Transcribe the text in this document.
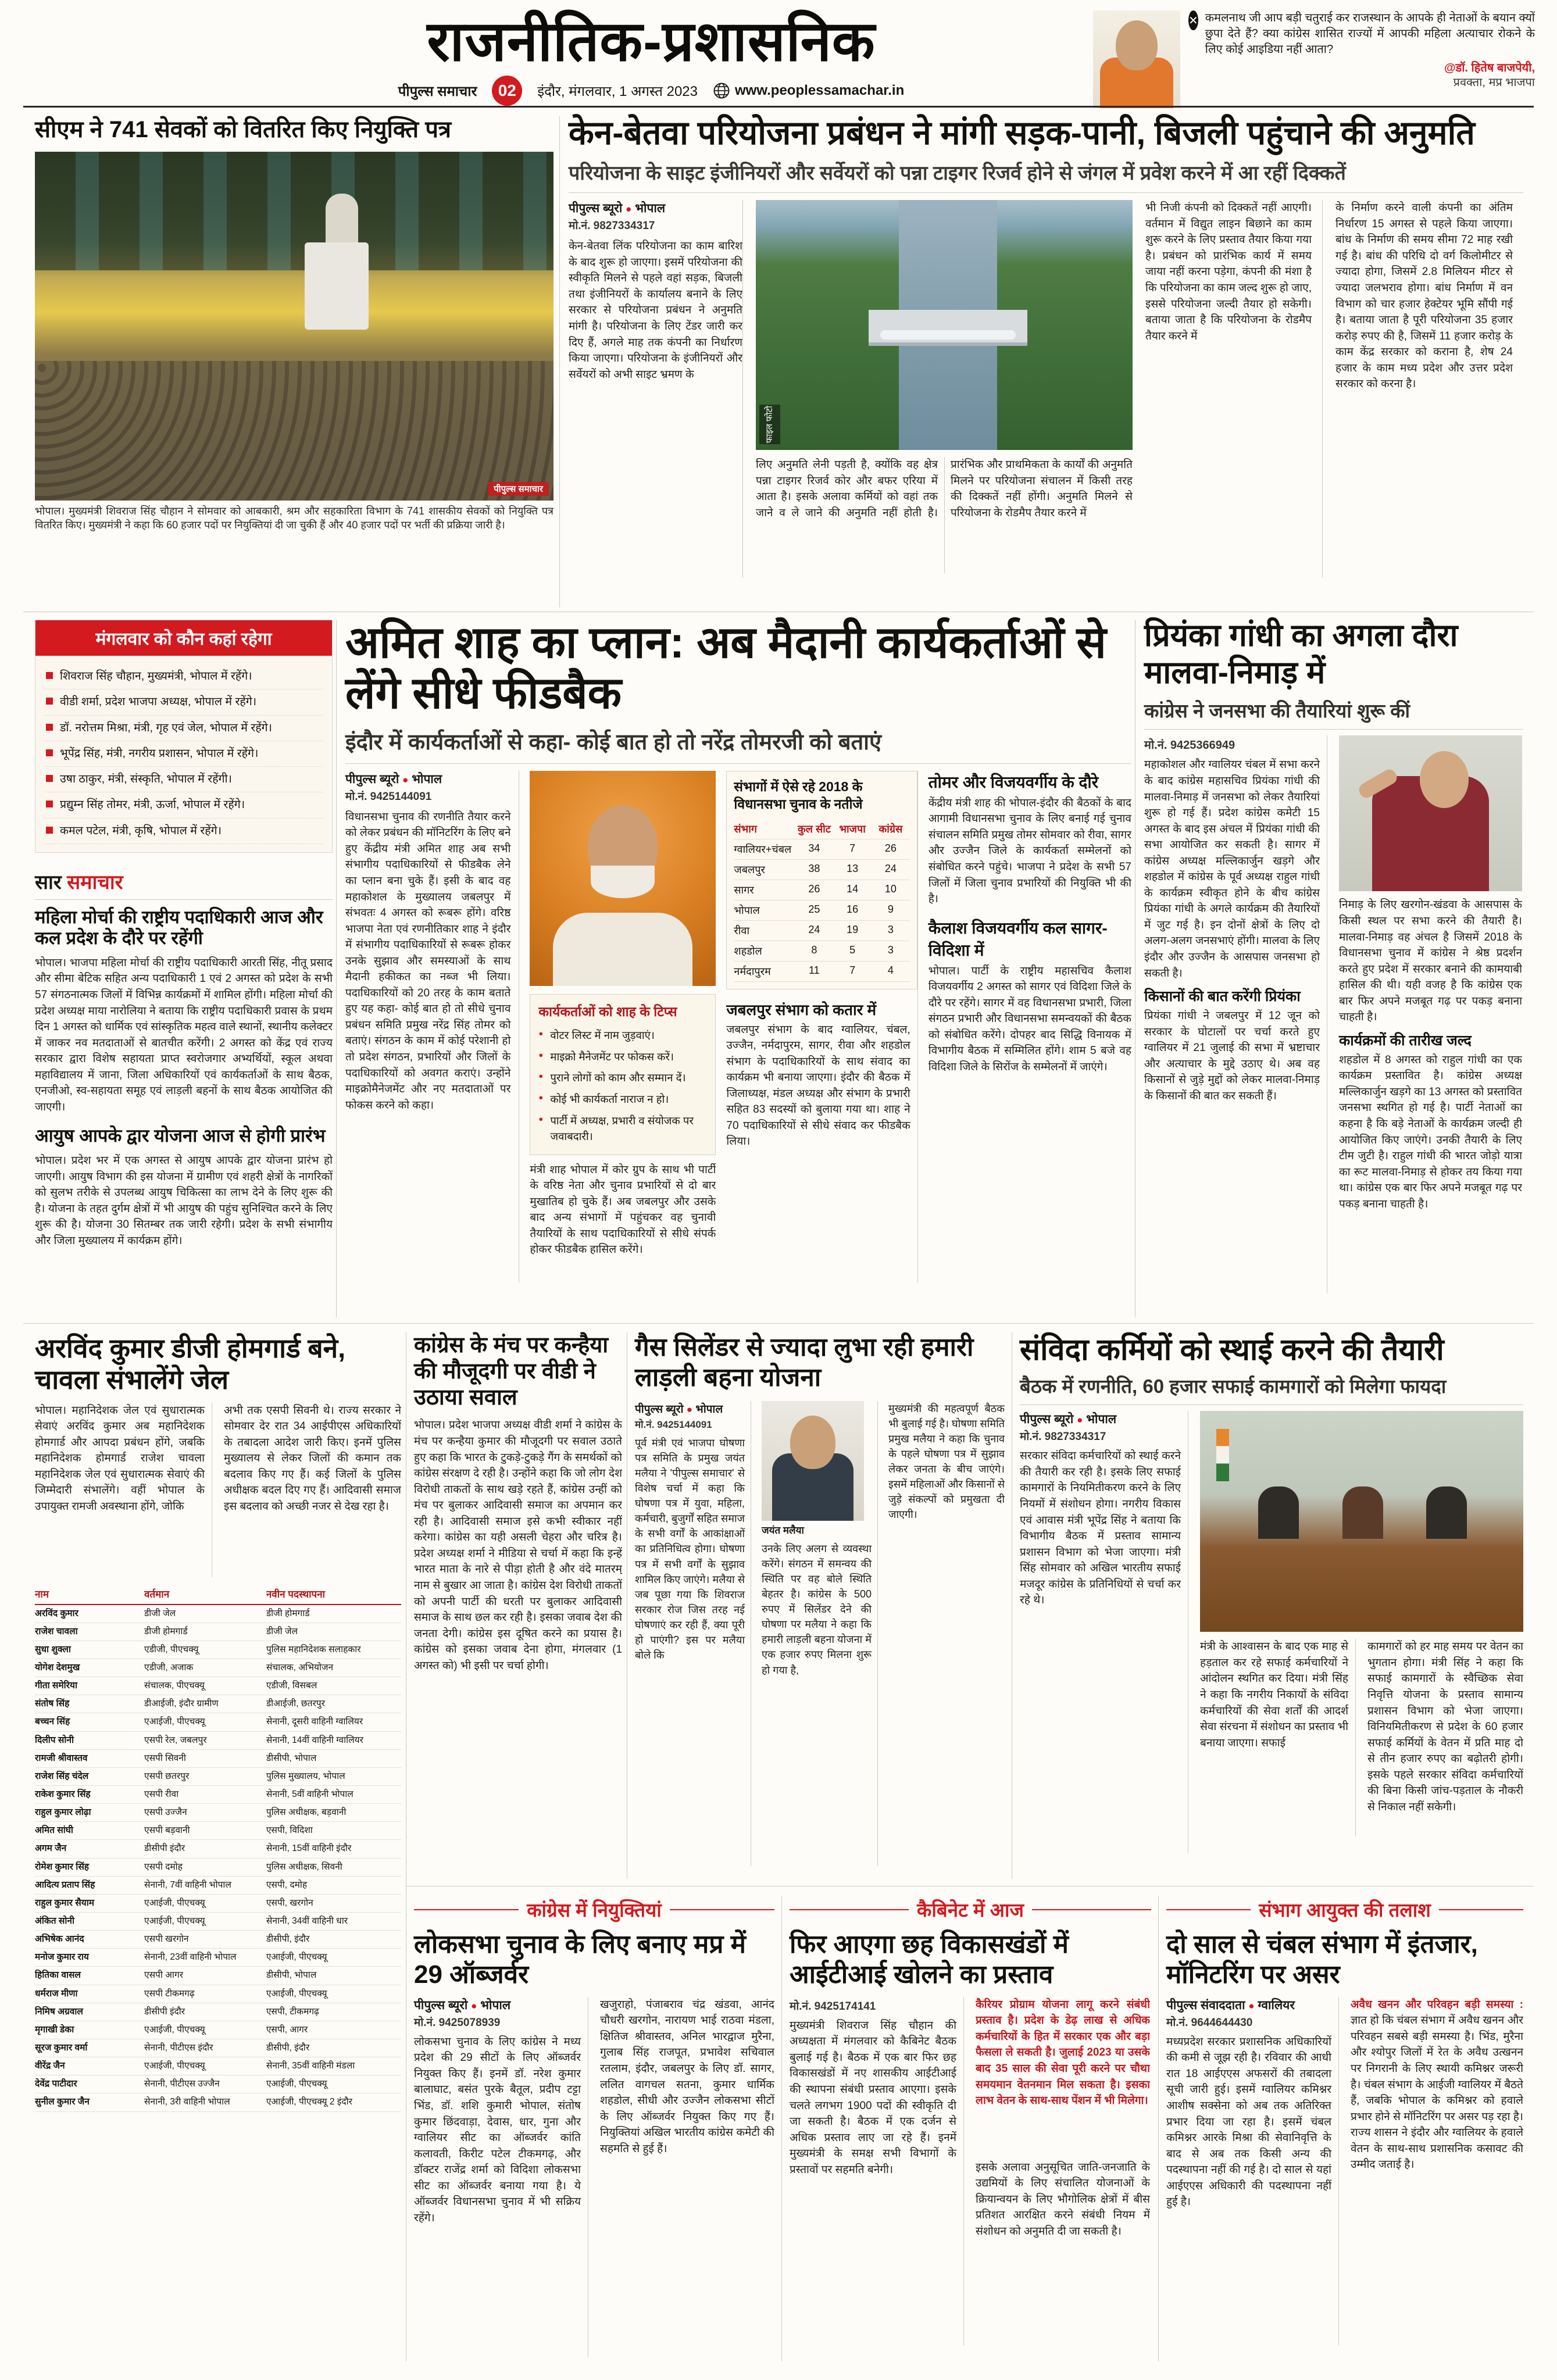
राजनीतिक-प्रशासनिक
पीपुल्स समाचार	02	इंदौर, मंगलवार, 1 अगस्त 2023	www.peoplessamachar.in
✕ कमलनाथ जी आप बड़ी चतुराई कर राजस्थान के आपके ही नेताओं के बयान क्यों छुपा देते हैं? क्या कांग्रेस शासित राज्यों में आपकी महिला अत्याचार रोकने के लिए कोई आइडिया नहीं आता?
@डॉ. हितेष बाजपेयी,
प्रवक्ता, मप्र भाजपा
सीएम ने 741 सेवकों को वितरित किए नियुक्ति पत्र
पीपुल्स समाचार
भोपाल। मुख्यमंत्री शिवराज सिंह चौहान ने सोमवार को आबकारी, श्रम और सहकारिता विभाग के 741 शासकीय सेवकों को नियुक्ति पत्र वितरित किए। मुख्यमंत्री ने कहा कि 60 हजार पदों पर नियुक्तियां दी जा चुकी हैं और 40 हजार पदों पर भर्ती की प्रक्रिया जारी है।
केन-बेतवा परियोजना प्रबंधन ने मांगी सड़क-पानी, बिजली पहुंचाने की अनुमति
परियोजना के साइट इंजीनियरों और सर्वेयरों को पन्ना टाइगर रिजर्व होने से जंगल में प्रवेश करने में आ रहीं दिक्कतें
पीपुल्स ब्यूरो ● भोपाल
मो.नं. 9827334317
केन-बेतवा लिंक परियोजना का काम बारिश के बाद शुरू हो जाएगा। इसमें परियोजना की स्वीकृति मिलने से पहले वहां सड़क, बिजली तथा इंजीनियरों के कार्यालय बनाने के लिए सरकार से परियोजना प्रबंधन ने अनुमति मांगी है। परियोजना के लिए टेंडर जारी कर दिए हैं, अगले माह तक कंपनी का निर्धारण किया जाएगा। परियोजना के इंजीनियरों और सर्वेयरों को अभी साइट भ्रमण के
फाइल फोटो
लिए अनुमति लेनी पड़ती है, क्योंकि वह क्षेत्र पन्ना टाइगर रिजर्व कोर और बफर एरिया में आता है। इसके अलावा कर्मियों को वहां तक जाने व ले जाने की अनुमति नहीं होती है। प्रारंभिक और प्राथमिकता के कार्यों की अनुमति मिलने पर परियोजना संचालन में किसी तरह की दिक्कतें नहीं होंगी। अनुमति मिलने से परियोजना के रोडमैप तैयार करने में
भी निजी कंपनी को दिक्कतें नहीं आएगी। वर्तमान में विद्युत लाइन बिछाने का काम शुरू करने के लिए प्रस्ताव तैयार किया गया है। प्रबंधन को प्रारंभिक कार्य में समय जाया नहीं करना पड़ेगा, कंपनी की मंशा है कि परियोजना का काम जल्द शुरू हो जाए, इससे परियोजना जल्दी तैयार हो सकेगी। बताया जाता है कि परियोजना के रोडमैप तैयार करने में
के निर्माण करने वाली कंपनी का अंतिम निर्धारण 15 अगस्त से पहले किया जाएगा। बांध के निर्माण की समय सीमा 72 माह रखी गई है। बांध की परिधि दो वर्ग किलोमीटर से ज्यादा होगा, जिसमें 2.8 मिलियन मीटर से ज्यादा जलभराव होगा। बांध निर्माण में वन विभाग को चार हजार हेक्टेयर भूमि सौंपी गई है। बताया जाता है पूरी परियोजना 35 हजार करोड़ रुपए की है, जिसमें 11 हजार करोड़ के काम केंद्र सरकार को कराना है, शेष 24 हजार के काम मध्य प्रदेश और उत्तर प्रदेश सरकार को करना है।
मंगलवार को कौन कहां रहेगा
शिवराज सिंह चौहान, मुख्यमंत्री, भोपाल में रहेंगे।
वीडी शर्मा, प्रदेश भाजपा अध्यक्ष, भोपाल में रहेंगे।
डॉ. नरोत्तम मिश्रा, मंत्री, गृह एवं जेल, भोपाल में रहेंगे।
भूपेंद्र सिंह, मंत्री, नगरीय प्रशासन, भोपाल में रहेंगे।
उषा ठाकुर, मंत्री, संस्कृति, भोपाल में रहेंगी।
प्रद्युम्न सिंह तोमर, मंत्री, ऊर्जा, भोपाल में रहेंगे।
कमल पटेल, मंत्री, कृषि, भोपाल में रहेंगे।
सार समाचार
महिला मोर्चा की राष्ट्रीय पदाधिकारी आज और कल प्रदेश के दौरे पर रहेंगी
भोपाल। भाजपा महिला मोर्चा की राष्ट्रीय पदाधिकारी आरती सिंह, नीतू प्रसाद और सीमा बेटिक सहित अन्य पदाधिकारी 1 एवं 2 अगस्त को प्रदेश के सभी 57 संगठनात्मक जिलों में विभिन्न कार्यक्रमों में शामिल होंगी। महिला मोर्चा की प्रदेश अध्यक्ष माया नारोलिया ने बताया कि राष्ट्रीय पदाधिकारी प्रवास के प्रथम दिन 1 अगस्त को धार्मिक एवं सांस्कृतिक महत्व वाले स्थानों, स्थानीय कलेक्टर में जाकर नव मतदाताओं से बातचीत करेंगी। 2 अगस्त को केंद्र एवं राज्य सरकार द्वारा विशेष सहायता प्राप्त स्वरोजगार अभ्यर्थियों, स्कूल अथवा महाविद्यालय में जाना, जिला अधिकारियों एवं कार्यकर्ताओं के साथ बैठक, एनजीओ, स्व-सहायता समूह एवं लाड़ली बहनों के साथ बैठक आयोजित की जाएगी।
आयुष आपके द्वार योजना आज से होगी प्रारंभ
भोपाल। प्रदेश भर में एक अगस्त से आयुष आपके द्वार योजना प्रारंभ हो जाएगी। आयुष विभाग की इस योजना में ग्रामीण एवं शहरी क्षेत्रों के नागरिकों को सुलभ तरीके से उपलब्ध आयुष चिकित्सा का लाभ देने के लिए शुरू की है। योजना के तहत दुर्गम क्षेत्रों में भी आयुष की पहुंच सुनिश्चित करने के लिए शुरू की है। योजना 30 सितम्बर तक जारी रहेगी। प्रदेश के सभी संभागीय और जिला मुख्यालय में कार्यक्रम होंगे।
अमित शाह का प्लान: अब मैदानी कार्यकर्ताओं से लेंगे सीधे फीडबैक
इंदौर में कार्यकर्ताओं से कहा- कोई बात हो तो नरेंद्र तोमरजी को बताएं
पीपुल्स ब्यूरो ● भोपाल
मो.नं. 9425144091
विधानसभा चुनाव की रणनीति तैयार करने को लेकर प्रबंधन की मॉनिटरिंग के लिए बने हुए केंद्रीय मंत्री अमित शाह अब सभी संभागीय पदाधिकारियों से फीडबैक लेने का प्लान बना चुके हैं। इसी के बाद वह महाकोशल के मुख्यालय जबलपुर में संभवतः 4 अगस्त को रूबरू होंगे। वरिष्ठ भाजपा नेता एवं रणनीतिकार शाह ने इंदौर में संभागीय पदाधिकारियों से रूबरू होकर उनके सुझाव और समस्याओं के साथ मैदानी हकीकत का नब्ज भी लिया। पदाधिकारियों को 20 तरह के काम बताते हुए यह कहा- कोई बात हो तो सीधे चुनाव प्रबंधन समिति प्रमुख नरेंद्र सिंह तोमर को बताएं। संगठन के काम में कोई परेशानी हो तो प्रदेश संगठन, प्रभारियों और जिलों के पदाधिकारियों को अवगत कराएं। उन्होंने माइक्रोमैनेजमेंट और नए मतदाताओं पर फोकस करने को कहा।
कार्यकर्ताओं को शाह के टिप्स
● वोटर लिस्ट में नाम जुड़वाएं।
● माइक्रो मैनेजमेंट पर फोकस करें।
● पुराने लोगों को काम और सम्मान दें।
● कोई भी कार्यकर्ता नाराज न हो।
● पार्टी में अध्यक्ष, प्रभारी व संयोजक पर जवाबदारी।
मंत्री शाह भोपाल में कोर ग्रुप के साथ भी पार्टी के वरिष्ठ नेता और चुनाव प्रभारियों से दो बार मुखातिब हो चुके हैं। अब जबलपुर और उसके बाद अन्य संभागों में पहुंचकर वह चुनावी तैयारियों के साथ पदाधिकारियों से सीधे संपर्क होकर फीडबैक हासिल करेंगे।
संभागों में ऐसे रहे 2018 के विधानसभा चुनाव के नतीजे
संभाग	कुल सीट भाजपा	कांग्रेस
ग्वालियर+चंबल	34	7	26
जबलपुर	38	13	24
सागर	26	14	10
भोपाल	25	16	9
रीवा	24	19	3
शहडोल	8	5	3
नर्मदापुरम	11	7	4
जबलपुर संभाग को कतार में
जबलपुर संभाग के बाद ग्वालियर, चंबल, उज्जैन, नर्मदापुरम, सागर, रीवा और शहडोल संभाग के पदाधिकारियों के साथ संवाद का कार्यक्रम भी बनाया जाएगा। इंदौर की बैठक में जिलाध्यक्ष, मंडल अध्यक्ष और संभाग के प्रभारी सहित 83 सदस्यों को बुलाया गया था। शाह ने 70 पदाधिकारियों से सीधे संवाद कर फीडबैक लिया।
तोमर और विजयवर्गीय के दौरे
केंद्रीय मंत्री शाह की भोपाल-इंदौर की बैठकों के बाद आगामी विधानसभा चुनाव के लिए बनाई गई चुनाव संचालन समिति प्रमुख तोमर सोमवार को रीवा, सागर और उज्जैन जिले के कार्यकर्ता सम्मेलनों को संबोधित करने पहुंचे। भाजपा ने प्रदेश के सभी 57 जिलों में जिला चुनाव प्रभारियों की नियुक्ति भी की है।
कैलाश विजयवर्गीय कल सागर-विदिशा में
भोपाल। पार्टी के राष्ट्रीय महासचिव कैलाश विजयवर्गीय 2 अगस्त को सागर एवं विदिशा जिले के दौरे पर रहेंगे। सागर में वह विधानसभा प्रभारी, जिला संगठन प्रभारी और विधानसभा समन्वयकों की बैठक को संबोधित करेंगे। दोपहर बाद सिद्धि विनायक में विभागीय बैठक में सम्मिलित होंगे। शाम 5 बजे वह विदिशा जिले के सिरोंज के सम्मेलनों में जाएंगे।
प्रियंका गांधी का अगला दौरा मालवा-निमाड़ में
कांग्रेस ने जनसभा की तैयारियां शुरू कीं
मो.नं. 9425366949
महाकोशल और ग्वालियर चंबल में सभा करने के बाद कांग्रेस महासचिव प्रियंका गांधी की मालवा-निमाड़ में जनसभा को लेकर तैयारियां शुरू हो गई हैं। प्रदेश कांग्रेस कमेटी 15 अगस्त के बाद इस अंचल में प्रियंका गांधी की सभा आयोजित कर सकती है। सागर में कांग्रेस अध्यक्ष मल्लिकार्जुन खड़गे और शहडोल में कांग्रेस के पूर्व अध्यक्ष राहुल गांधी के कार्यक्रम स्वीकृत होने के बीच कांग्रेस प्रियंका गांधी के अगले कार्यक्रम की तैयारियों में जुट गई है। इन दोनों क्षेत्रों के लिए दो अलग-अलग जनसभाएं होंगी। मालवा के लिए इंदौर और उज्जैन के आसपास जनसभा हो सकती है।
किसानों की बात करेंगी प्रियंका
प्रियंका गांधी ने जबलपुर में 12 जून को सरकार के घोटालों पर चर्चा करते हुए ग्वालियर में 21 जुलाई की सभा में भ्रष्टाचार और अत्याचार के मुद्दे उठाए थे। अब वह किसानों से जुड़े मुद्दों को लेकर मालवा-निमाड़ के किसानों की बात कर सकती हैं।
निमाड़ के लिए खरगोन-खंडवा के आसपास के किसी स्थल पर सभा करने की तैयारी है। मालवा-निमाड़ वह अंचल है जिसमें 2018 के विधानसभा चुनाव में कांग्रेस ने श्रेष्ठ प्रदर्शन करते हुए प्रदेश में सरकार बनाने की कामयाबी हासिल की थी। यही वजह है कि कांग्रेस एक बार फिर अपने मजबूत गढ़ पर पकड़ बनाना चाहती है।
कार्यक्रमों की तारीख जल्द
शहडोल में 8 अगस्त को राहुल गांधी का एक कार्यक्रम प्रस्तावित है। कांग्रेस अध्यक्ष मल्लिकार्जुन खड़गे का 13 अगस्त को प्रस्तावित जनसभा स्थगित हो गई है। पार्टी नेताओं का कहना है कि बड़े नेताओं के कार्यक्रम जल्दी ही आयोजित किए जाएंगे। उनकी तैयारी के लिए टीम जुटी है। राहुल गांधी की भारत जोड़ो यात्रा का रूट मालवा-निमाड़ से होकर तय किया गया था। कांग्रेस एक बार फिर अपने मजबूत गढ़ पर पकड़ बनाना चाहती है।
अरविंद कुमार डीजी होमगार्ड बने, चावला संभालेंगे जेल
भोपाल। महानिदेशक जेल एवं सुधारात्मक सेवाएं अरविंद कुमार अब महानिदेशक होमगार्ड और आपदा प्रबंधन होंगे, जबकि महानिदेशक होमगार्ड राजेश चावला महानिदेशक जेल एवं सुधारात्मक सेवाएं की जिम्मेदारी संभालेंगे। वहीं भोपाल के उपायुक्त रामजी अवस्थाना होंगे, जोकि
अभी तक एसपी सिवनी थे। राज्य सरकार ने सोमवार देर रात 34 आईपीएस अधिकारियों के तबादला आदेश जारी किए। इनमें पुलिस मुख्यालय से लेकर जिलों की कमान तक बदलाव किए गए हैं। कई जिलों के पुलिस अधीक्षक बदल दिए गए हैं। आदिवासी समाज इस बदलाव को अच्छी नजर से देख रहा है।
नाम	वर्तमान	नवीन पदस्थापना
अरविंद कुमार	डीजी जेल	डीजी होमगार्ड
राजेश चावला	डीजी होमगार्ड	डीजी जेल
सुधा शुक्ला	एडीजी, पीएचक्यू	पुलिस महानिदेशक सलाहकार
योगेश देशमुख	एडीजी, अजाक	संचालक, अभियोजन
गीता समेरिया	संचालक, पीएचक्यू	एडीजी, विसबल
संतोष सिंह	डीआईजी, इंदौर ग्रामीण	डीआईजी, छतरपुर
बच्चन सिंह	एआईजी, पीएचक्यू	सेनानी, दूसरी वाहिनी ग्वालियर
दिलीप सोनी	एसपी रेल, जबलपुर	सेनानी, 14वीं वाहिनी ग्वालियर
रामजी श्रीवास्तव	एसपी सिवनी	डीसीपी, भोपाल
राजेश सिंह चंदेल	एसपी छतरपुर	पुलिस मुख्यालय, भोपाल
राकेश कुमार सिंह	एसपी रीवा	सेनानी, 5वीं वाहिनी भोपाल
राहुल कुमार लोढ़ा	एसपी उज्जैन	पुलिस अधीक्षक, बड़वानी
अमित सांघी	एसपी बड़वानी	एसपी, विदिशा
अगम जैन	डीसीपी इंदौर	सेनानी, 15वीं वाहिनी इंदौर
रोमेश कुमार सिंह	एसपी दमोह	पुलिस अधीक्षक, सिवनी
आदित्य प्रताप सिंह	सेनानी, 7वीं वाहिनी भोपाल	एसपी, दमोह
राहुल कुमार सैयाम	एआईजी, पीएचक्यू	एसपी, खरगोन
अंकित सोनी	एआईजी, पीएचक्यू	सेनानी, 34वीं वाहिनी धार
अभिषेक आनंद	एसपी खरगोन	डीसीपी, इंदौर
मनोज कुमार राय	सेनानी, 23वीं वाहिनी भोपाल	एआईजी, पीएचक्यू
हितिका वासल	एसपी आगर	डीसीपी, भोपाल
धर्मराज मीणा	एसपी टीकमगढ़	एआईजी, पीएचक्यू
निमिष अग्रवाल	डीसीपी इंदौर	एसपी, टीकमगढ़
मृगाखी डेका	एआईजी, पीएचक्यू	एसपी, आगर
सूरज कुमार वर्मा	सेनानी, पीटीएस इंदौर	डीसीपी, इंदौर
वीरेंद्र जैन	एआईजी, पीएचक्यू	सेनानी, 35वीं वाहिनी मंडला
देवेंद्र पाटीदार	सेनानी, पीटीएस उज्जैन	एआईजी, पीएचक्यू
सुनील कुमार जैन	सेनानी, 3री वाहिनी भोपाल	एआईजी, पीएचक्यू 2 इंदौर
कांग्रेस के मंच पर कन्हैया की मौजूदगी पर वीडी ने उठाया सवाल
भोपाल। प्रदेश भाजपा अध्यक्ष वीडी शर्मा ने कांग्रेस के मंच पर कन्हैया कुमार की मौजूदगी पर सवाल उठाते हुए कहा कि भारत के टुकड़े-टुकड़े गैंग के समर्थकों को कांग्रेस संरक्षण दे रही है। उन्होंने कहा कि जो लोग देश विरोधी ताकतों के साथ खड़े रहते हैं, कांग्रेस उन्हीं को मंच पर बुलाकर आदिवासी समाज का अपमान कर रही है। आदिवासी समाज इसे कभी स्वीकार नहीं करेगा। कांग्रेस का यही असली चेहरा और चरित्र है। प्रदेश अध्यक्ष शर्मा ने मीडिया से चर्चा में कहा कि इन्हें भारत माता के नारे से पीड़ा होती है और वंदे मातरम् नाम से बुखार आ जाता है। कांग्रेस देश विरोधी ताकतों को अपनी पार्टी की धरती पर बुलाकर आदिवासी समाज के साथ छल कर रही है। इसका जवाब देश की जनता देगी। कांग्रेस इस दूषित करने का प्रयास है। कांग्रेस को इसका जवाब देना होगा, मंगलवार (1 अगस्त को) भी इसी पर चर्चा होगी।
गैस सिलेंडर से ज्यादा लुभा रही हमारी लाड़ली बहना योजना
पीपुल्स ब्यूरो ● भोपाल
मो.नं. 9425144091
पूर्व मंत्री एवं भाजपा घोषणा पत्र समिति के प्रमुख जयंत मलैया ने 'पीपुल्स समाचार' से विशेष चर्चा में कहा कि घोषणा पत्र में युवा, महिला, कर्मचारी, बुजुर्गों सहित समाज के सभी वर्गों के आकांक्षाओं का प्रतिनिधित्व होगा। घोषणा पत्र में सभी वर्गों के सुझाव शामिल किए जाएंगे। मलैया से जब पूछा गया कि शिवराज सरकार रोज जिस तरह नई घोषणाएं कर रही हैं, क्या पूरी हो पाएंगी? इस पर मलैया बोले कि
जयंत मलैया
उनके लिए अलग से व्यवस्था करेंगे। संगठन में समन्वय की स्थिति पर वह बोले स्थिति बेहतर है। कांग्रेस के 500 रुपए में सिलेंडर देने की घोषणा पर मलैया ने कहा कि हमारी लाड़ली बहना योजना में एक हजार रुपए मिलना शुरू हो गया है,
मुख्यमंत्री की महत्वपूर्ण बैठक भी बुलाई गई है। घोषणा समिति प्रमुख मलैया ने कहा कि चुनाव के पहले घोषणा पत्र में सुझाव लेकर जनता के बीच जाएंगे। इसमें महिलाओं और किसानों से जुड़े संकल्पों को प्रमुखता दी जाएगी।
संविदा कर्मियों को स्थाई करने की तैयारी
बैठक में रणनीति, 60 हजार सफाई कामगारों को मिलेगा फायदा
पीपुल्स ब्यूरो ● भोपाल
मो.नं. 9827334317
सरकार संविदा कर्मचारियों को स्थाई करने की तैयारी कर रही है। इसके लिए सफाई कामगारों के नियमितीकरण करने के लिए नियमों में संशोधन होगा। नगरीय विकास एवं आवास मंत्री भूपेंद्र सिंह ने बताया कि विभागीय बैठक में प्रस्ताव सामान्य प्रशासन विभाग को भेजा जाएगा। मंत्री सिंह सोमवार को अखिल भारतीय सफाई मजदूर कांग्रेस के प्रतिनिधियों से चर्चा कर रहे थे।
मंत्री के आश्वासन के बाद एक माह से हड़ताल कर रहे सफाई कर्मचारियों ने आंदोलन स्थगित कर दिया। मंत्री सिंह ने कहा कि नगरीय निकायों के संविदा कर्मचारियों की सेवा शर्तों की आदर्श सेवा संरचना में संशोधन का प्रस्ताव भी बनाया जाएगा। सफाई
कामगारों को हर माह समय पर वेतन का भुगतान होगा। मंत्री सिंह ने कहा कि सफाई कामगारों के स्वैच्छिक सेवा निवृत्ति योजना के प्रस्ताव सामान्य प्रशासन विभाग को भेजा जाएगा। विनियमितीकरण से प्रदेश के 60 हजार सफाई कर्मियों के वेतन में प्रति माह दो से तीन हजार रुपए का बढ़ोतरी होगी। इसके पहले सरकार संविदा कर्मचारियों की बिना किसी जांच-पड़ताल के नौकरी से निकाल नहीं सकेगी।
कांग्रेस में नियुक्तियां
लोकसभा चुनाव के लिए बनाए मप्र में 29 ऑब्जर्वर
पीपुल्स ब्यूरो ● भोपाल
मो.नं. 9425078939
लोकसभा चुनाव के लिए कांग्रेस ने मध्य प्रदेश की 29 सीटों के लिए ऑब्जर्वर नियुक्त किए हैं। इनमें डॉ. नरेश कुमार बालाघाट, बसंत पुरके बैतूल, प्रदीप टट्टा भिंड, डॉ. शशि कुमारी भोपाल, संतोष कुमार छिंदवाड़ा, देवास, धार, गुना और ग्वालियर सीट का ऑब्जर्वर कांति कलावती, किरीट पटेल टीकमगढ़, और डॉक्टर राजेंद्र शर्मा को विदिशा लोकसभा सीट का ऑब्जर्वर बनाया गया है। ये ऑब्जर्वर विधानसभा चुनाव में भी सक्रिय रहेंगे।
खजुराहो, पंजाबराव चंद्र खंडवा, आनंद चौधरी खरगोन, नारायण भाई राठवा मंडला, क्षितिज श्रीवास्तव, अनिल भारद्वाज मुरैना, गुलाब सिंह राजपूत, प्रभावेश सचिवाल रतलाम, इंदौर, जबलपुर के लिए डॉ. सागर, ललित वागचल सतना, कुमार धार्मिक शहडोल, सीधी और उज्जैन लोकसभा सीटों के लिए ऑब्जर्वर नियुक्त किए गए हैं। नियुक्तियां अखिल भारतीय कांग्रेस कमेटी की सहमति से हुई हैं।
कैबिनेट में आज
फिर आएगा छह विकासखंडों में आईटीआई खोलने का प्रस्ताव
मो.नं. 9425174141
मुख्यमंत्री शिवराज सिंह चौहान की अध्यक्षता में मंगलवार को कैबिनेट बैठक बुलाई गई है। बैठक में एक बार फिर छह विकासखंडों में नए शासकीय आईटीआई की स्थापना संबंधी प्रस्ताव आएगा। इसके चलते लगभग 1900 पदों की स्वीकृति दी जा सकती है। बैठक में एक दर्जन से अधिक प्रस्ताव लाए जा रहे हैं। इनमें मुख्यमंत्री के समक्ष सभी विभागों के प्रस्तावों पर सहमति बनेगी।
कैरियर प्रोग्राम योजना लागू करने संबंधी प्रस्ताव है। प्रदेश के डेढ़ लाख से अधिक कर्मचारियों के हित में सरकार एक और बड़ा फैसला ले सकती है। जुलाई 2023 या उसके बाद 35 साल की सेवा पूरी करने पर चौथा समयमान वेतनमान मिल सकता है। इसका लाभ वेतन के साथ-साथ पेंशन में भी मिलेगा।
इसके अलावा अनुसूचित जाति-जनजाति के उद्यमियों के लिए संचालित योजनाओं के क्रियान्वयन के लिए भौगोलिक क्षेत्रों में बीस प्रतिशत आरक्षित करने संबंधी नियम में संशोधन को अनुमति दी जा सकती है।
संभाग आयुक्त की तलाश
दो साल से चंबल संभाग में इंतजार, मॉनिटरिंग पर असर
पीपुल्स संवाददाता ● ग्वालियर
मो.नं. 9644644430
मध्यप्रदेश सरकार प्रशासनिक अधिकारियों की कमी से जूझ रही है। रविवार की आधी रात 18 आईएएस अफसरों की तबादला सूची जारी हुई। इसमें ग्वालियर कमिश्नर आशीष सक्सेना को अब तक अतिरिक्त प्रभार दिया जा रहा है। इसमें चंबल कमिश्नर आरके मिश्रा की सेवानिवृत्ति के बाद से अब तक किसी अन्य की पदस्थापना नहीं की गई है। दो साल से यहां आईएएस अधिकारी की पदस्थापना नहीं हुई है।
अवैध खनन और परिवहन बड़ी समस्या : ज्ञात हो कि चंबल संभाग में अवैध खनन और परिवहन सबसे बड़ी समस्या है। भिंड, मुरैना और श्योपुर जिलों में रेत के अवैध उत्खनन पर निगरानी के लिए स्थायी कमिश्नर जरूरी है। चंबल संभाग के आईजी ग्वालियर में बैठते हैं, जबकि भोपाल के कमिश्नर को हवाले प्रभार होने से मॉनिटरिंग पर असर पड़ रहा है। राज्य शासन ने इंदौर और ग्वालियर के हवाले वेतन के साथ-साथ प्रशासनिक कसावट की उम्मीद जताई है।
